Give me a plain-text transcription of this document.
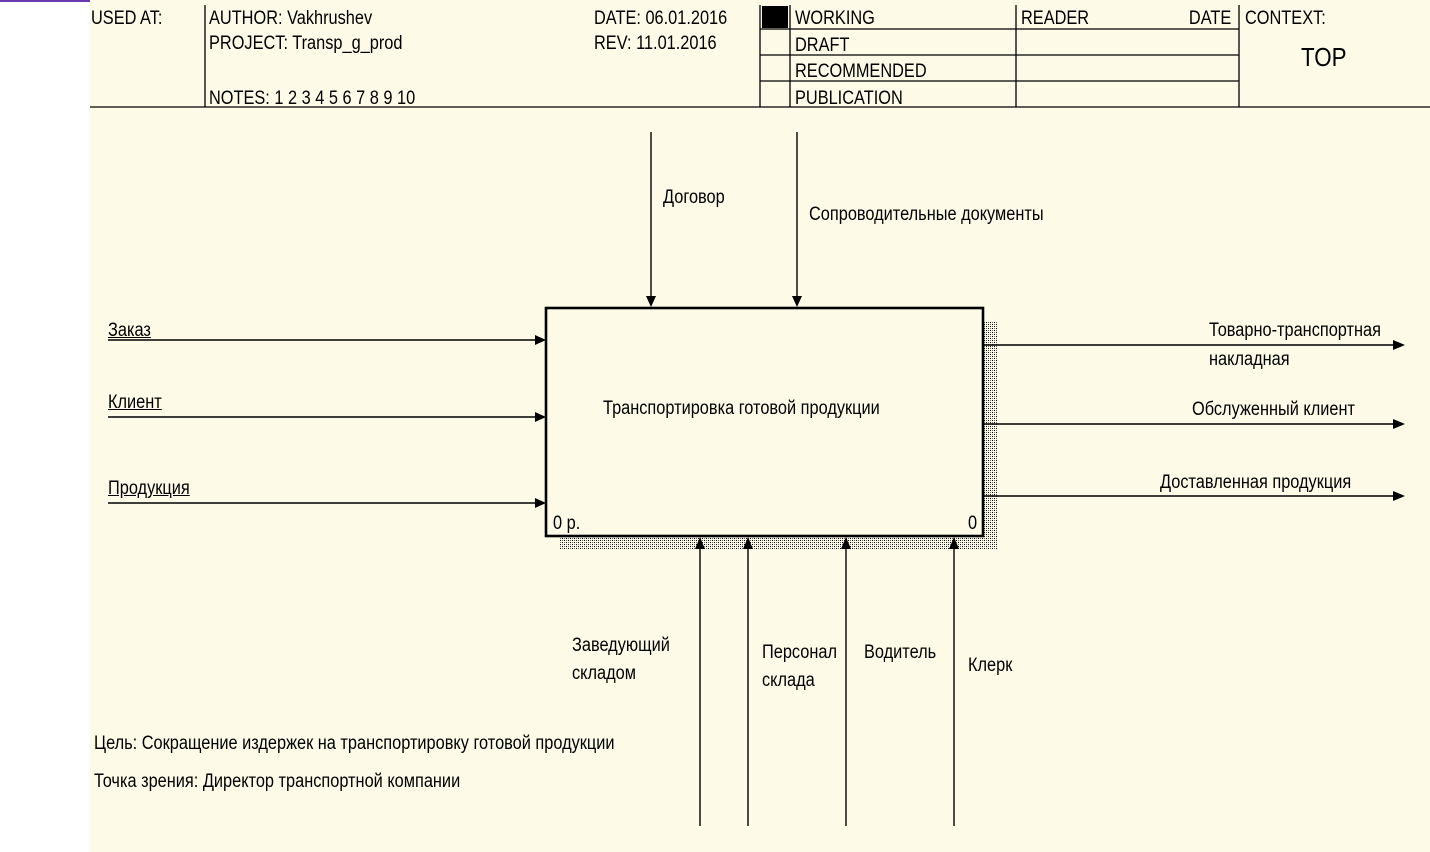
USED AT: AUTHOR: Vakhrushev
PROJECT: Transp_g_prod
NOTES: 1 2 3 4 5 6 7 8 9 10
DATE: 06.01.2016
REV: 11.01.2016
WORKING
DRAFT
RECOMMENDED
PUBLICATION
READER	DATE CONTEXT:
TOP
Транспортировка готовой продукции
0 р.	0
Договор
Сопроводительные документы
Заказ
Клиент
Продукция
Товарно-транспортная
накладная
Обслуженный клиент
Доставленная продукция
Заведующий
складом
Персонал
склада
Водитель
Клерк
Цель: Сокращение издержек на транспортировку готовой продукции
Точка зрения: Директор транспортной компании
